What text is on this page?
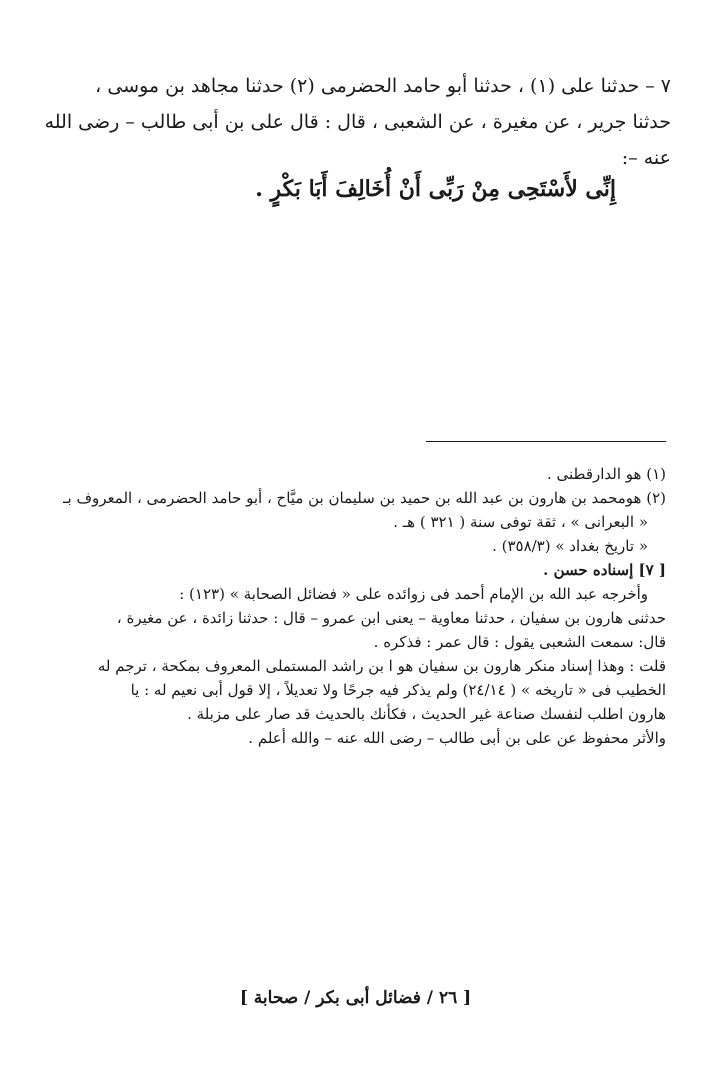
٧ – حدثنا على (١) ، حدثنا أبو حامد الحضرمى (٢) حدثنا مجاهد بن موسى ،

حدثنا جرير ، عن مغيرة ، عن الشعبى ، قال : قال على بن أبى طالب – رضى الله

عنه –:

إِنِّى لأَسْتَحِى مِنْ رَبِّى أَنْ أُخَالِفَ أَبَا بَكْرٍ .
(١) هو الدارقطنى .
(٢) هومحمد بن هارون بن عبد الله بن حميد بن سليمان بن ميَّاح ، أبو حامد الحضرمى ، المعروف بـ
« البعرانى » ، ثقة توفى سنة ( ٣٢١ ) هـ .
« تاريخ بغداد » (٣٥٨/٣) .
[ ٧] إسناده حسن .
وأخرجه عبد الله بن الإمام أحمد فى زوائده على « فضائل الصحابة » (١٢٣) :
حدثنى هارون بن سفيان ، حدثنا معاوية – يعنى ابن عمرو – قال : حدثنا زائدة ، عن مغيرة ،
قال: سمعت الشعبى يقول : قال عمر : فذكره .
قلت : وهذا إسناد منكر هارون بن سفيان هو ا بن راشد المستملى المعروف بمكحة ، ترجم له
الخطيب فى « تاريخه » ( ٢٤/١٤) ولم يذكر فيه جرحًا ولا تعديلاً ، إلا قول أبى نعيم له : يا
هارون اطلب لنفسك صناعة غير الحديث ، فكأنك بالحديث قد صار على مزبلة .
والأثر محفوظ عن على بن أبى طالب – رضى الله عنه – والله أعلم .
[ ٢٦ / فضائل أبى بكر / صحابة ]
